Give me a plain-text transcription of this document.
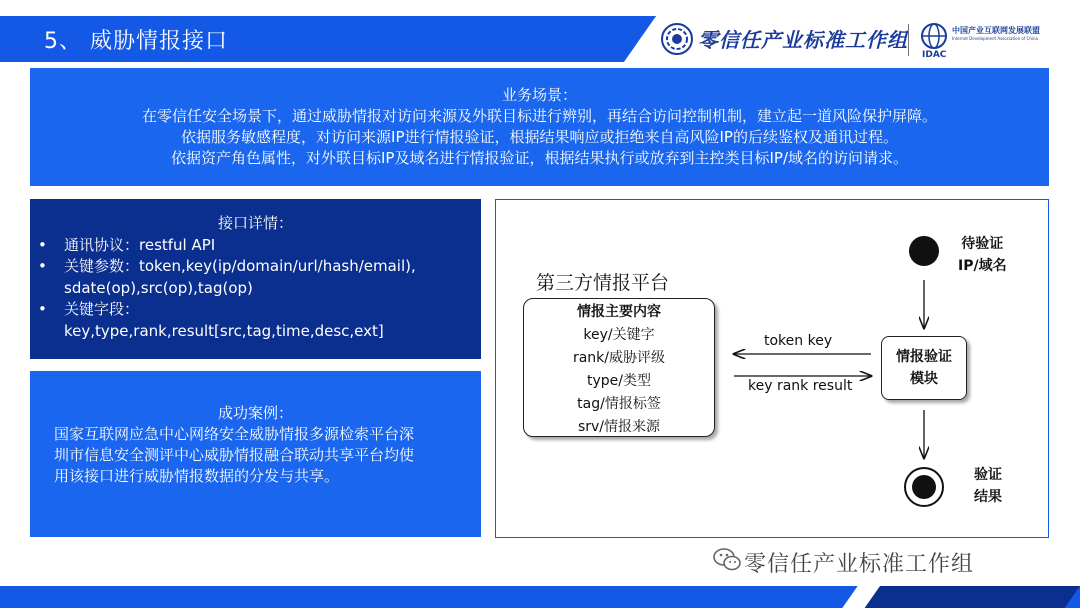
5、 威胁情报接口	零信任产业标准工作组	中国产业互联网发展联盟
Internet Development Association of China
IDAC
业务场景：
在零信任安全场景下，通过威胁情报对访问来源及外联目标进行辨别，再结合访问控制机制，建立起一道风险保护屏障。
依据服务敏感程度，对访问来源IP进行情报验证，根据结果响应或拒绝来自高风险IP的后续鉴权及通讯过程。
依据资产角色属性，对外联目标IP及域名进行情报验证，根据结果执行或放弃到主控类目标IP/域名的访问请求。
接口详情：
• 通讯协议：restful API
• 关键参数：token,key(ip/domain/url/hash/email),
sdate(op),src(op),tag(op)
• 关键字段：
key,type,rank,result[src,tag,time,desc,ext]
成功案例：
国家互联网应急中心网络安全威胁情报多源检索平台深圳市信息安全测评中心威胁情报融合联动共享平台均使用该接口进行威胁情报数据的分发与共享。
第三方情报平台
情报主要内容
key/关键字
rank/威胁评级
type/类型
tag/情报标签
srv/情报来源
token key
key rank result
情报验证
模块
待验证
IP/域名
验证
结果
零信任产业标准工作组
